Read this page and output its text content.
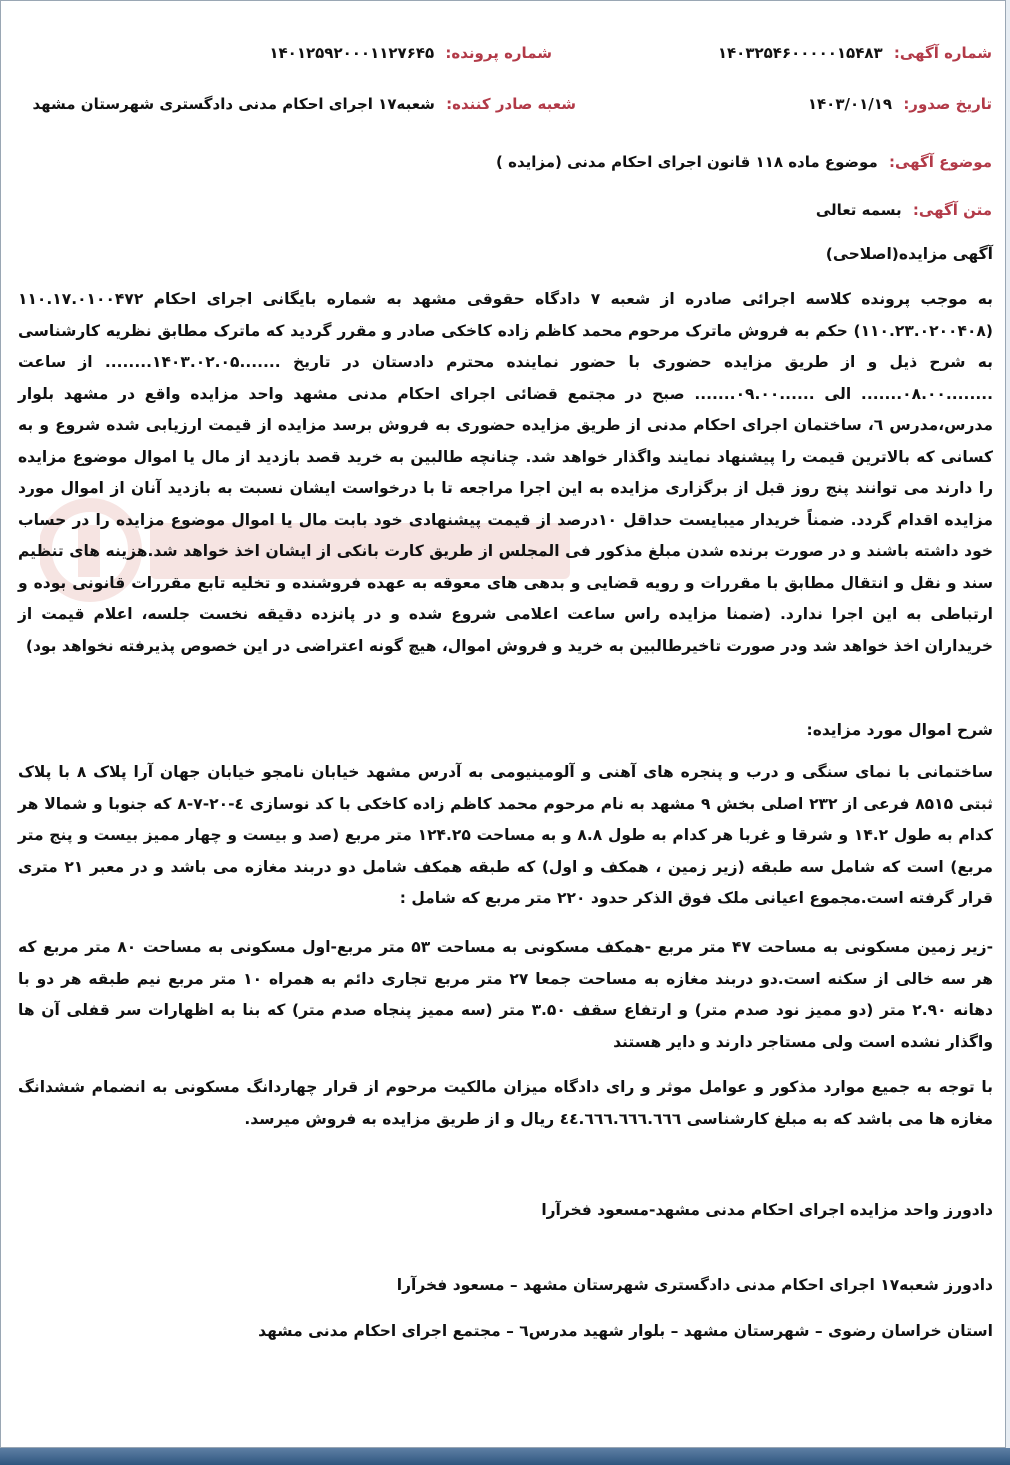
شماره آگهی: ۱۴۰۳۲۵۴۶۰۰۰۰۰۱۵۴۸۳
شماره پرونده: ۱۴۰۱۲۵۹۲۰۰۰۱۱۲۷۶۴۵
تاریخ صدور: ۱۴۰۳/۰۱/۱۹
شعبه صادر کننده: شعبه۱۷ اجرای احکام مدنی دادگستری شهرستان مشهد
موضوع آگهی: موضوع ماده ۱۱۸ قانون اجرای احکام مدنی (مزایده )
متن آگهی: بسمه تعالی
آگهی مزایده(اصلاحی)
به موجب پرونده کلاسه اجرائی صادره از شعبه ۷ دادگاه حقوقی مشهد به شماره بایگانی اجرای احکام ۱۱۰.۱۷.۰۱۰۰۴۷۲ (۱۱۰.۲۳.۰۲۰۰۴۰۸) حکم به فروش ماترک مرحوم محمد کاظم زاده کاخکی صادر و مقرر گردید که ماترک مطابق نظریه کارشناسی به شرح ذیل و از طریق مزایده حضوری با حضور نماینده محترم دادستان در تاریخ .......۱۴۰۳.۰۲.۰۵........ از ساعت ........۰۸.۰۰....... الی ......۰۹.۰۰....... صبح در مجتمع قضائی اجرای احکام مدنی مشهد واحد مزایده واقع در مشهد بلوار مدرس،مدرس ٦، ساختمان اجرای احکام مدنی از طریق مزایده حضوری به فروش برسد مزایده از قیمت ارزیابی شده شروع و به کسانی که بالاترین قیمت را پیشنهاد نمایند واگذار خواهد شد. چنانچه طالبین به خرید قصد بازدید از مال یا اموال موضوع مزایده را دارند می توانند پنج روز قبل از برگزاری مزایده به این اجرا مراجعه تا با درخواست ایشان نسبت به بازدید آنان از اموال مورد مزایده اقدام گردد. ضمناً خریدار میبایست حداقل ۱۰درصد از قیمت پیشنهادی خود بابت مال یا اموال موضوع مزایده را در حساب خود داشته باشند و در صورت برنده شدن مبلغ مذکور فی المجلس از طریق کارت بانکی از ایشان اخذ خواهد شد.هزینه های تنظیم سند و نقل و انتقال مطابق با مقررات و رویه قضایی و بدهی های معوقه به عهده فروشنده و تخلیه تابع مقررات قانونی بوده و ارتباطی به این اجرا ندارد. (ضمنا مزایده راس ساعت اعلامی شروع شده و در پانزده دقیقه نخست جلسه، اعلام قیمت از خریداران اخذ خواهد شد ودر صورت تاخیرطالبین به خرید و فروش اموال، هیچ گونه اعتراضی در این خصوص پذیرفته نخواهد بود)
شرح اموال مورد مزایده:
ساختمانی با نمای سنگی و درب و پنجره های آهنی و آلومینیومی به آدرس مشهد خیابان نامجو خیابان جهان آرا پلاک ۸ با پلاک ثبتی ۸۵۱۵ فرعی از ۲۳۲ اصلی بخش ۹ مشهد به نام مرحوم محمد کاظم زاده کاخکی با کد نوسازی ٤-۲۰-۷-۸ که جنوبا و شمالا هر کدام به طول ۱۴.۲ و شرقا و غربا هر کدام به طول ۸.۸ و به مساحت ۱۲۴.۲۵ متر مربع (صد و بیست و چهار ممیز بیست و پنج متر مربع) است که شامل سه طبقه (زیر زمین ، همکف و اول) که طبقه همکف شامل دو دربند مغازه می باشد و در معبر ۲۱ متری قرار گرفته است.مجموع اعیانی ملک فوق الذکر حدود ۲۲۰ متر مربع که شامل :
-زیر زمین مسکونی به مساحت ۴۷ متر مربع -همکف مسکونی به مساحت ۵۳ متر مربع-اول مسکونی به مساحت ۸۰ متر مربع که هر سه خالی از سکنه است.دو دربند مغازه به مساحت جمعا ۲۷ متر مربع تجاری دائم به همراه ۱۰ متر مربع نیم طبقه هر دو با دهانه ۲.۹۰ متر (دو ممیز نود صدم متر) و ارتفاع سقف ۳.۵۰ متر (سه ممیز پنجاه صدم متر) که بنا به اظهارات سر قفلی آن ها واگذار نشده است ولی مستاجر دارند و دایر هستند
با توجه به جمیع موارد مذکور و عوامل موثر و رای دادگاه میزان مالکیت مرحوم از قرار چهاردانگ مسکونی به انضمام ششدانگ مغازه ها می باشد که به مبلغ کارشناسی ٤٤.٦٦٦.٦٦٦.٦٦٦ ریال و از طریق مزایده به فروش میرسد.
دادورز واحد مزایده اجرای احکام مدنی مشهد-مسعود فخرآرا
دادورز شعبه۱۷ اجرای احکام مدنی دادگستری شهرستان مشهد – مسعود فخرآرا
استان خراسان رضوی – شهرستان مشهد – بلوار شهید مدرس٦ – مجتمع اجرای احکام مدنی مشهد
